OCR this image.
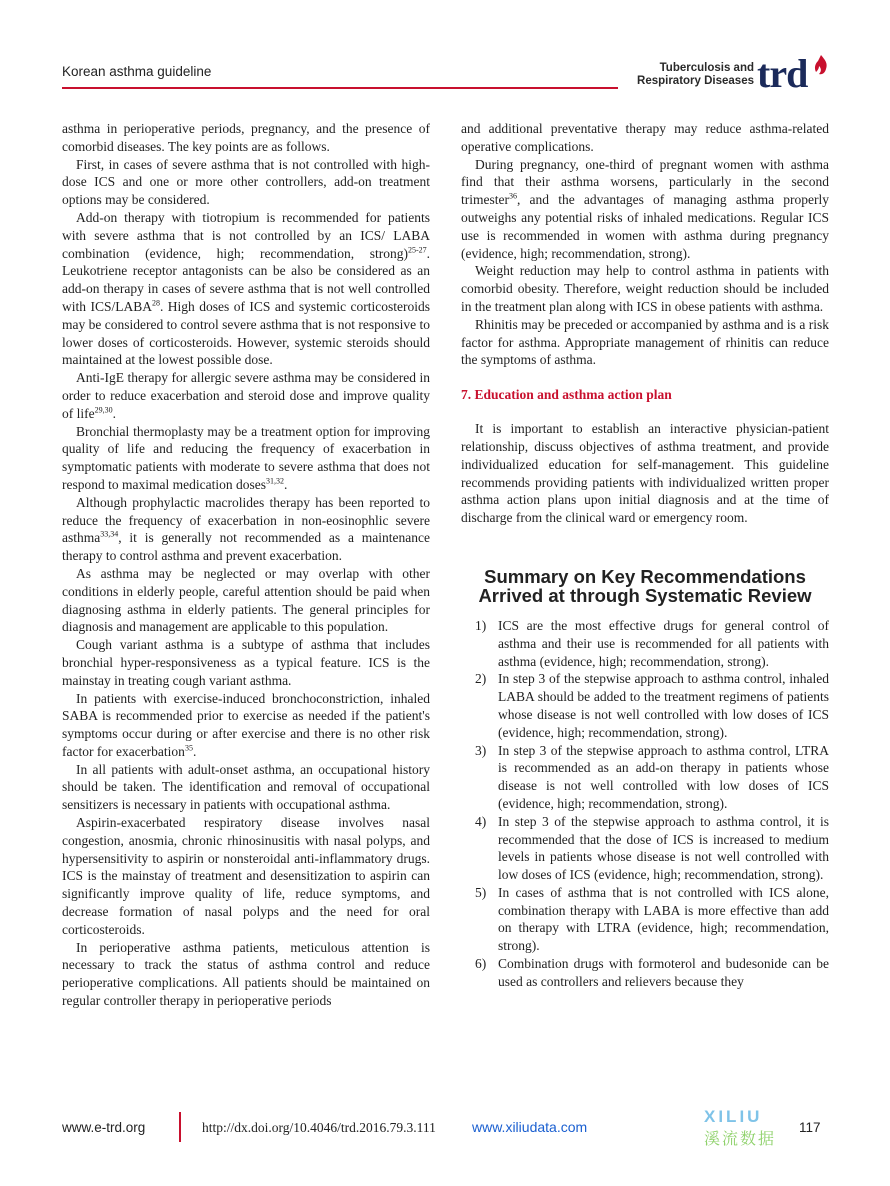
Korean asthma guideline	Tuberculosis and
Respiratory Diseases trd

asthma in perioperative periods, pregnancy, and the presence of comorbid diseases. The key points are as follows.

First, in cases of severe asthma that is not controlled with high-dose ICS and one or more other controllers, add-on treatment options may be considered.

Add-on therapy with tiotropium is recommended for patients with severe asthma that is not controlled by an ICS/ LABA combination (evidence, high; recommendation, strong)$^{25-27}$. Leukotriene receptor antagonists can be also be considered as an add-on therapy in cases of severe asthma that is not well controlled with ICS/LABA$^{28}$. High doses of ICS and systemic corticosteroids may be considered to control severe asthma that is not responsive to lower doses of corticosteroids. However, systemic steroids should maintained at the lowest possible dose.

Anti-IgE therapy for allergic severe asthma may be considered in order to reduce exacerbation and steroid dose and improve quality of life$^{29,30}$.

Bronchial thermoplasty may be a treatment option for improving quality of life and reducing the frequency of exacerbation in symptomatic patients with moderate to severe asthma that does not respond to maximal medication doses$^{31,32}$.

Although prophylactic macrolides therapy has been reported to reduce the frequency of exacerbation in non-eosinophlic severe asthma$^{33,34}$, it is generally not recommended as a maintenance therapy to control asthma and prevent exacerbation.

As asthma may be neglected or may overlap with other conditions in elderly people, careful attention should be paid when diagnosing asthma in elderly patients. The general principles for diagnosis and management are applicable to this population.

Cough variant asthma is a subtype of asthma that includes bronchial hyper-responsiveness as a typical feature. ICS is the mainstay in treating cough variant asthma.

In patients with exercise-induced bronchoconstriction, inhaled SABA is recommended prior to exercise as needed if the patient's symptoms occur during or after exercise and there is no other risk factor for exacerbation$^{35}$.

In all patients with adult-onset asthma, an occupational history should be taken. The identification and removal of occupational sensitizers is necessary in patients with occupational asthma.

Aspirin-exacerbated respiratory disease involves nasal congestion, anosmia, chronic rhinosinusitis with nasal polyps, and hypersensitivity to aspirin or nonsteroidal anti-inflammatory drugs. ICS is the mainstay of treatment and desensitization to aspirin can significantly improve quality of life, reduce symptoms, and decrease formation of nasal polyps and the need for oral corticosteroids.

In perioperative asthma patients, meticulous attention is necessary to track the status of asthma control and reduce perioperative complications. All patients should be maintained on regular controller therapy in perioperative periods

and additional preventative therapy may reduce asthma-related operative complications.

During pregnancy, one-third of pregnant women with asthma find that their asthma worsens, particularly in the second trimester$^{36}$, and the advantages of managing asthma properly outweighs any potential risks of inhaled medications. Regular ICS use is recommended in women with asthma during pregnancy (evidence, high; recommendation, strong).

Weight reduction may help to control asthma in patients with comorbid obesity. Therefore, weight reduction should be included in the treatment plan along with ICS in obese patients with asthma.

Rhinitis may be preceded or accompanied by asthma and is a risk factor for asthma. Appropriate management of rhinitis can reduce the symptoms of asthma.

7. Education and asthma action plan

It is important to establish an interactive physician-patient relationship, discuss objectives of asthma treatment, and provide individualized education for self-management. This guideline recommends providing patients with individualized written proper asthma action plans upon initial diagnosis and at the time of discharge from the clinical ward or emergency room.

Summary on Key Recommendations
Arrived at through Systematic Review
1) ICS are the most effective drugs for general control of asthma and their use is recommended for all patients with asthma (evidence, high; recommendation, strong).
2) In step 3 of the stepwise approach to asthma control, inhaled LABA should be added to the treatment regimens of patients whose disease is not well controlled with low doses of ICS (evidence, high; recommendation, strong).
3) In step 3 of the stepwise approach to asthma control, LTRA is recommended as an add-on therapy in patients whose disease is not well controlled with low doses of ICS (evidence, high; recommendation, strong).
4) In step 3 of the stepwise approach to asthma control, it is recommended that the dose of ICS is increased to medium levels in patients whose disease is not well controlled with low doses of ICS (evidence, high; recommendation, strong).
5) In cases of asthma that is not controlled with ICS alone, combination therapy with LABA is more effective than add on therapy with LTRA (evidence, high; recommendation, strong).
6) Combination drugs with formoterol and budesonide can be used as controllers and relievers because they
www.e-trd.org	http://dx.doi.org/10.4046/trd.2016.79.3.111	www.xiliudata.com
XILIU
溪流数据
117
